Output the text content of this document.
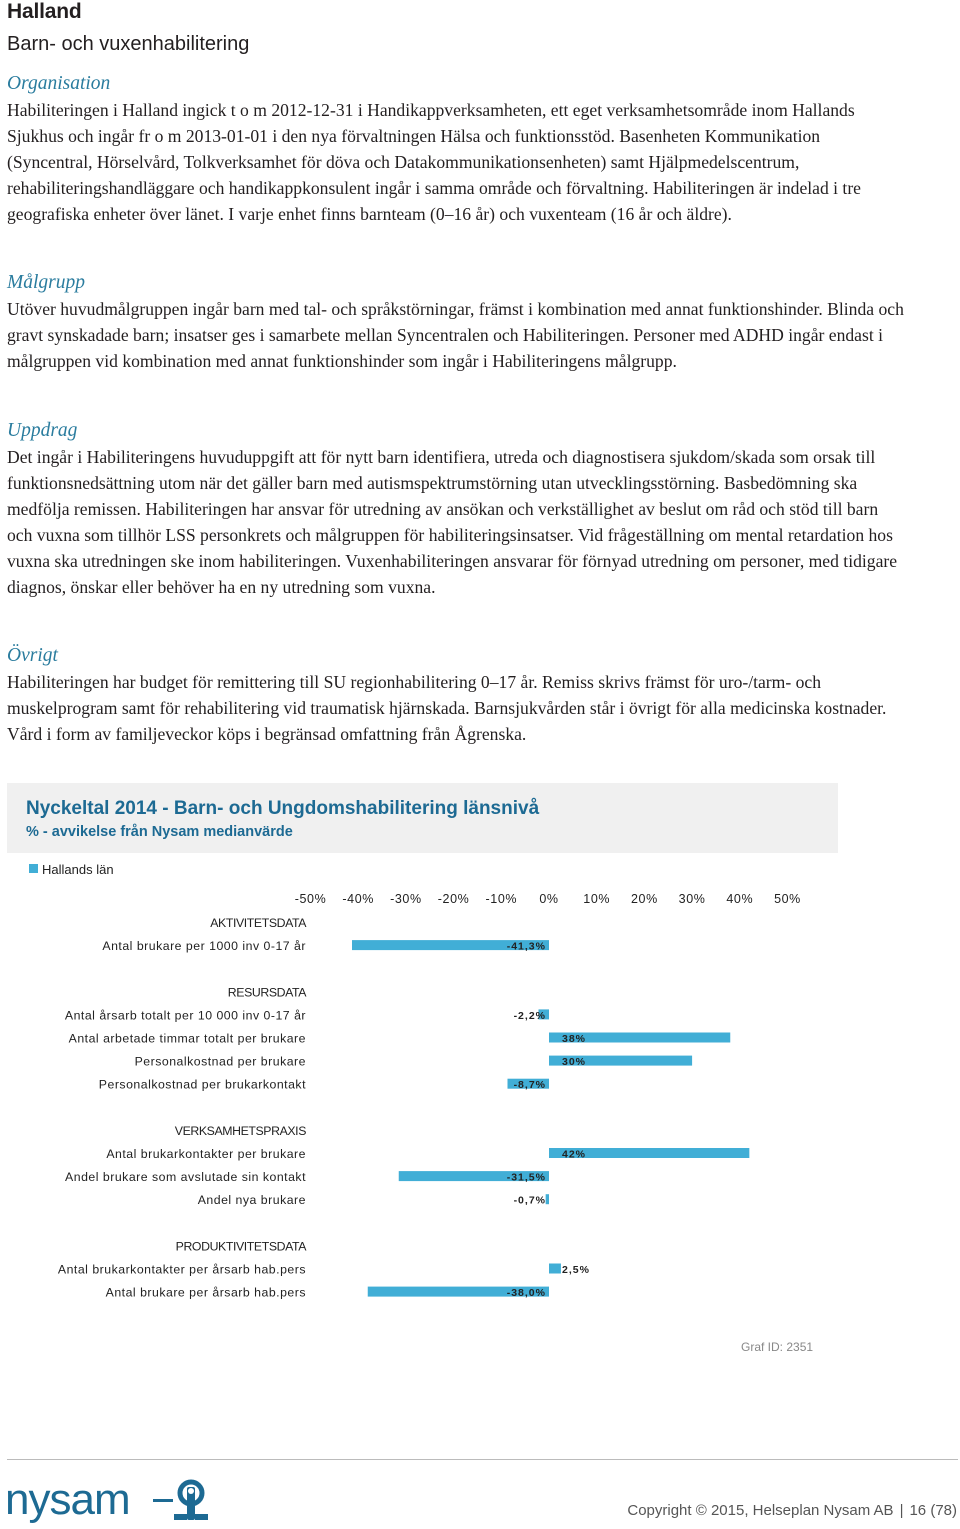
Halland
Barn- och vuxenhabilitering
Organisation

Habiliteringen i Halland ingick t o m 2012-12-31 i Handikappverksamheten, ett eget verksamhetsområde inom Hallands Sjukhus och ingår fr o m 2013-01-01 i den nya förvaltningen Hälsa och funktionsstöd. Basenheten Kommunikation (Syncentral, Hörselvård, Tolkverksamhet för döva och Datakommunikationsenheten) samt Hjälpmedelscentrum, rehabiliteringshandläggare och handikappkonsulent ingår i samma område och förvaltning. Habiliteringen är indelad i tre geografiska enheter över länet. I varje enhet finns barnteam (0–16 år) och vuxenteam (16 år och äldre).

Målgrupp

Utöver huvudmålgruppen ingår barn med tal- och språkstörningar, främst i kombination med annat funktionshinder. Blinda och gravt synskadade barn; insatser ges i samarbete mellan Syncentralen och Habiliteringen. Personer med ADHD ingår endast i målgruppen vid kombination med annat funktionshinder som ingår i Habiliteringens målgrupp.

Uppdrag

Det ingår i Habiliteringens huvuduppgift att för nytt barn identifiera, utreda och diagnostisera sjukdom/skada som orsak till funktionsnedsättning utom när det gäller barn med autismspektrumstörning utan utvecklingsstörning. Basbedömning ska medfölja remissen. Habiliteringen har ansvar för utredning av ansökan och verkställighet av beslut om råd och stöd till barn och vuxna som tillhör LSS personkrets och målgruppen för habiliteringsinsatser. Vid frågeställning om mental retardation hos vuxna ska utredningen ske inom habiliteringen. Vuxenhabiliteringen ansvarar för förnyad utredning om personer, med tidigare diagnos, önskar eller behöver ha en ny utredning som vuxna.

Övrigt

Habiliteringen har budget för remittering till SU regionhabilitering 0–17 år. Remiss skrivs främst för uro-/tarm- och muskelprogram samt för rehabilitering vid traumatisk hjärnskada. Barnsjukvården står i övrigt för alla medicinska kostnader. Vård i form av familjeveckor köps i begränsad omfattning från Ågrenska.

Nyckeltal 2014 - Barn- och Ungdomshabilitering länsnivå
% - avvikelse från Nysam medianvärde
Hallands län
-50% -40% -30% -20% -10% 0% 10% 20% 30% 40% 50%
AKTIVITETSDATA
Antal brukare per 1000 inv 0-17 år	-41,3%
RESURSDATA
Antal årsarb totalt per 10 000 inv 0-17 år	-2,2%
Antal arbetade timmar totalt per brukare	38%
Personalkostnad per brukare	30%
Personalkostnad per brukarkontakt	-8,7%
VERKSAMHETSPRAXIS
Antal brukarkontakter per brukare	42%
Andel brukare som avslutade sin kontakt	-31,5%
Andel nya brukare	-0,7%
PRODUKTIVITETSDATA
Antal brukarkontakter per årsarb hab.pers	2,5%
Antal brukare per årsarb hab.pers	-38,0%
Graf ID: 2351
nysam	Copyright © 2015, Helseplan Nysam AB | 16 (78)
